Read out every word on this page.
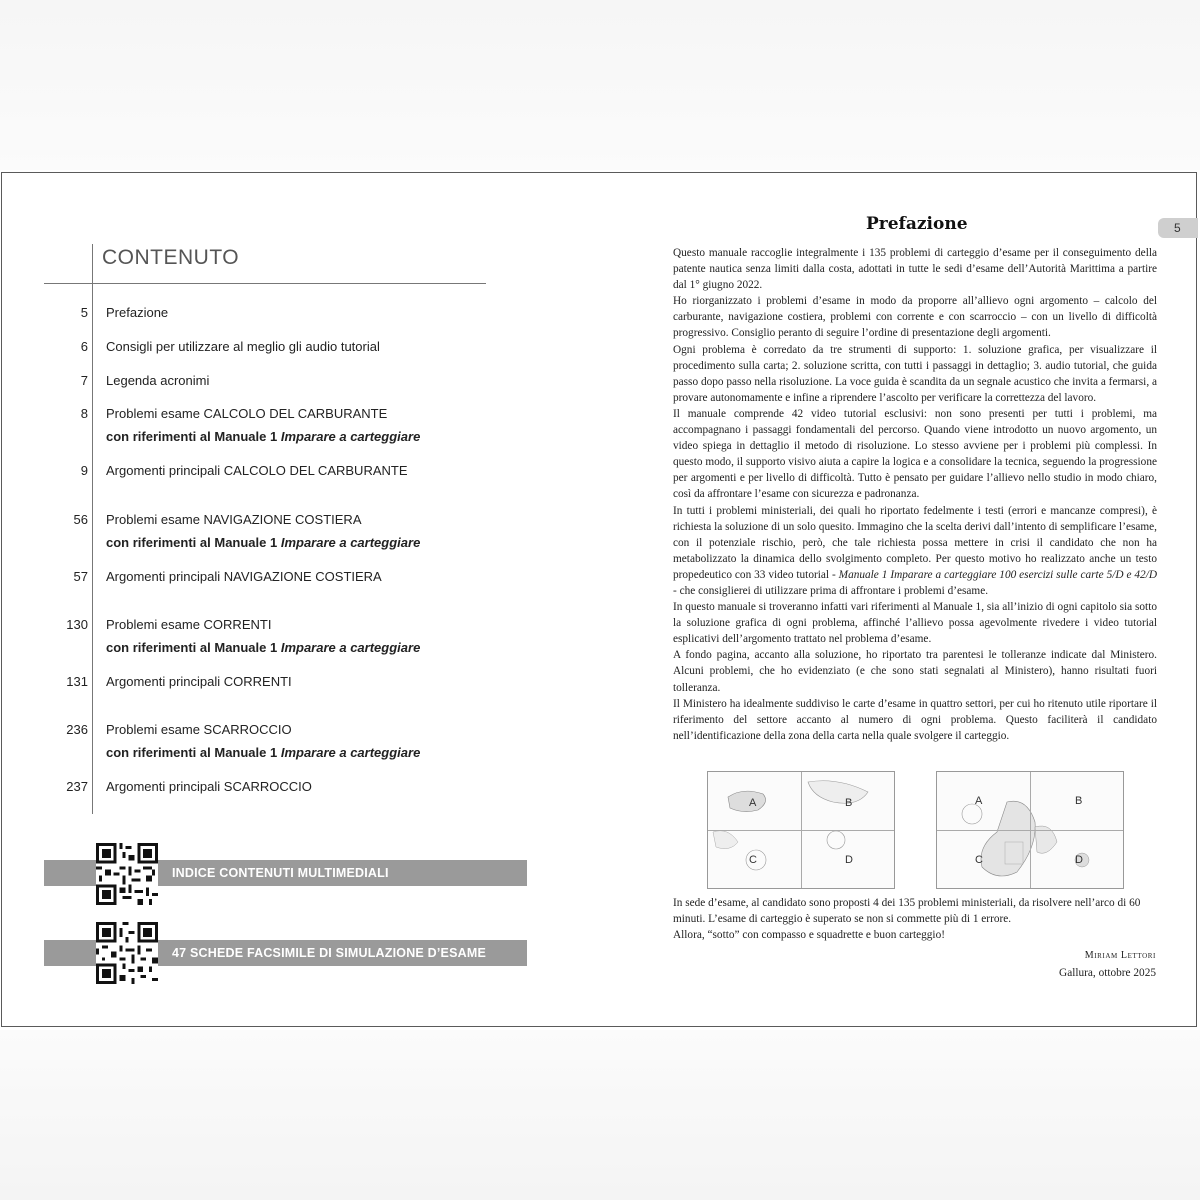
CONTENUTO
5 Prefazione
6 Consigli per utilizzare al meglio gli audio tutorial
7 Legenda acronimi
8 Problemi esame CALCOLO DEL CARBURANTE
con riferimenti al Manuale 1 Imparare a carteggiare
9 Argomenti principali CALCOLO DEL CARBURANTE
56 Problemi esame NAVIGAZIONE COSTIERA
con riferimenti al Manuale 1 Imparare a carteggiare
57 Argomenti principali NAVIGAZIONE COSTIERA
130 Problemi esame CORRENTI
con riferimenti al Manuale 1 Imparare a carteggiare
131 Argomenti principali CORRENTI
236 Problemi esame SCARROCCIO
con riferimenti al Manuale 1 Imparare a carteggiare
237 Argomenti principali SCARROCCIO
INDICE CONTENUTI MULTIMEDIALI
47 SCHEDE FACSIMILE DI SIMULAZIONE D’ESAME
Prefazione	5

Questo manuale raccoglie integralmente i 135 problemi di carteggio d’esame per il conseguimento della patente nautica senza limiti dalla costa, adottati in tutte le sedi d’esame dell’Autorità Marittima a partire dal 1° giugno 2022.

Ho riorganizzato i problemi d’esame in modo da proporre all’allievo ogni argomento – calcolo del carburante, navigazione costiera, problemi con corrente e con scarroccio – con un livello di difficoltà progressivo. Consiglio peranto di seguire l’ordine di presentazione degli argomenti.

Ogni problema è corredato da tre strumenti di supporto: 1. soluzione grafica, per visualizzare il procedimento sulla carta; 2. soluzione scritta, con tutti i passaggi in dettaglio; 3. audio tutorial, che guida passo dopo passo nella risoluzione. La voce guida è scandita da un segnale acustico che invita a fermarsi, a provare autonomamente e infine a riprendere l’ascolto per verificare la correttezza del lavoro.

Il manuale comprende 42 video tutorial esclusivi: non sono presenti per tutti i problemi, ma accompagnano i passaggi fondamentali del percorso. Quando viene introdotto un nuovo argomento, un video spiega in dettaglio il metodo di risoluzione. Lo stesso avviene per i problemi più complessi. In questo modo, il supporto visivo aiuta a capire la logica e a consolidare la tecnica, seguendo la progressione per argomenti e per livello di difficoltà. Tutto è pensato per guidare l’allievo nello studio in modo chiaro, così da affrontare l’esame con sicurezza e padronanza.

In tutti i problemi ministeriali, dei quali ho riportato fedelmente i testi (errori e mancanze compresi), è richiesta la soluzione di un solo quesito. Immagino che la scelta derivi dall’intento di semplificare l’esame, con il potenziale rischio, però, che tale richiesta possa mettere in crisi il candidato che non ha metabolizzato la dinamica dello svolgimento completo. Per questo motivo ho realizzato anche un testo propedeutico con 33 video tutorial - Manuale 1 Imparare a carteggiare 100 esercizi sulle carte 5/D e 42/D - che consiglierei di utilizzare prima di affrontare i problemi d’esame.

In questo manuale si troveranno infatti vari riferimenti al Manuale 1, sia all’inizio di ogni capitolo sia sotto la soluzione grafica di ogni problema, affinché l’allievo possa agevolmente rivedere i video tutorial esplicativi dell’argomento trattato nel problema d’esame.

A fondo pagina, accanto alla soluzione, ho riportato tra parentesi le tolleranze indicate dal Ministero. Alcuni problemi, che ho evidenziato (e che sono stati segnalati al Ministero), hanno risultati fuori tolleranza.

Il Ministero ha idealmente suddiviso le carte d’esame in quattro settori, per cui ho ritenuto utile riportare il riferimento del settore accanto al numero di ogni problema. Questo faciliterà il candidato nell’identificazione della zona della carta nella quale svolgere il carteggio.

A	B
C	D
A	B
C	D

In sede d’esame, al candidato sono proposti 4 dei 135 problemi ministeriali, da risolvere nell’arco di 60 minuti. L’esame di carteggio è superato se non si commette più di 1 errore.

Allora, “sotto” con compasso e squadrette e buon carteggio!

Miriam Lettori
Gallura, ottobre 2025
